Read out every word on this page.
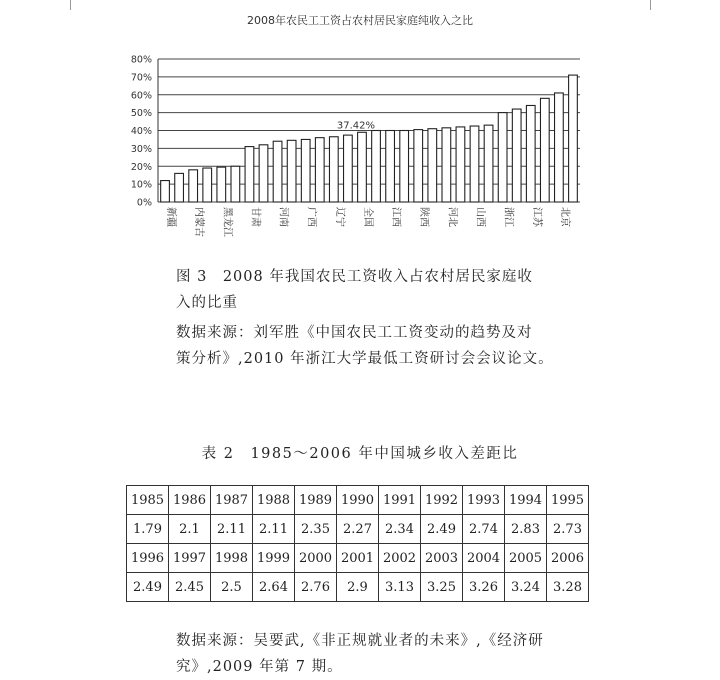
2008年农民工工资占农村居民家庭纯收入之比
0%
10%
20%
30%
40%
50%
60%
70%
80%
新疆 内蒙古 黑龙江 甘肃 河南 广西 辽宁 全国 江西 陕西 河北 山西 浙江 江苏 北京
37.42%
图 3　2008 年我国农民工资收入占农村居民家庭收
入的比重
数据来源：刘军胜《中国农民工工资变动的趋势及对
策分析》,2010 年浙江大学最低工资研讨会会议论文。
表 2　1985～2006 年中国城乡收入差距比
1985	1986	1987	1988	1989	1990	1991	1992	1993	1994	1995
1.79	2.1	2.11	2.11	2.35	2.27	2.34	2.49	2.74	2.83	2.73
1996	1997	1998	1999	2000	2001	2002	2003	2004	2005	2006
2.49	2.45	2.5	2.64	2.76	2.9	3.13	3.25	3.26	3.24	3.28
数据来源：吴要武,《非正规就业者的未来》,《经济研
究》,2009 年第 7 期。
